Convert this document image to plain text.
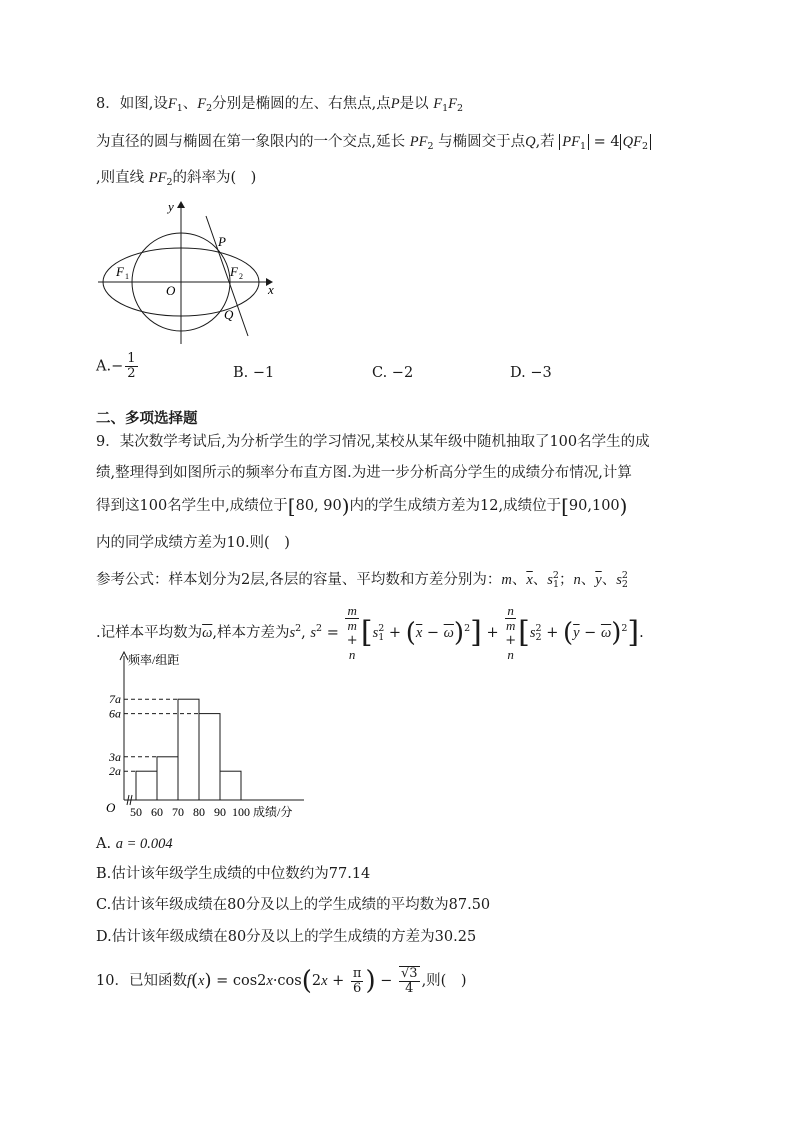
8．如图,设$F_1$、$F_2$分别是椭圆的左、右焦点,点P是以 $F_1F_2$
为直径的圆与椭圆在第一象限内的一个交点,延长 $PF_2$ 与椭圆交于点Q,若 $PF_1 = 4$ $QF_2$
,则直线 $PF_2$的斜率为(　)
y
x
O
P
Q
F 1	F 2
$A.- \frac{1}{2}$	B. −1	C. −2	D. −3
二、多项选择题
9．某次数学考试后,为分析学生的学习情况,某校从某年级中随机抽取了100名学生的成
绩,整理得到如图所示的频率分布直方图.为进一步分析高分学生的成绩分布情况,计算
得到这100名学生中,成绩位于[80, 90)内的学生成绩方差为12,成绩位于[90,100)
内的同学成绩方差为10.则(　)
参考公式：样本划分为2层,各层的容量、平均数和方差分别为：m、$\overline{x}$、$s^2_1$；n、$\overline{y}$、$s^2_2$
.记样本平均数为$\overline{\omega}$,样本方差为$s^2$, $s^2$ =
m
m
+
n
$[s^2_1 + (\overline{x} - \overline{\omega})^2]$ +
n
m
+
n
$[s^2_2 + (\overline{y} - \overline{\omega})^2]$.
7a
6a
3a
2a
50 60 70 80 90 100 成绩/分
频率/组距
O
A. a = 0.004
B.估计该年级学生成绩的中位数约为77.14
C.估计该年级成绩在80分及以上的学生成绩的平均数为87.50
D.估计该年级成绩在80分及以上的学生成绩的方差为30.25
10．已知函数$f(x) = \cos 2x\cdot\cos(2x + \frac{\pi}{6}$ ) − $\frac{√3}{4}$ ,则(　)
